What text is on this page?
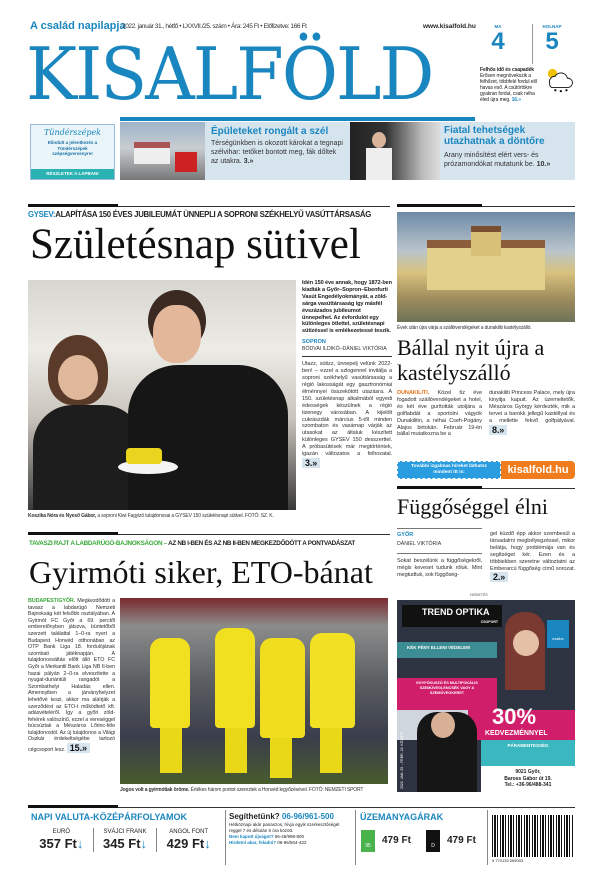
A család napilapja
2022. január 31., hétfő • LXXVII./25. szám • Ára: 245 Ft • Előfizetve: 166 Ft	www.kisalfold.hu
KISALFÖLD
MA
4
HOLNAP
5
Felhős idő és csapadék Erősen megnövekszik a felhőzet, többfelé fordul elő havas eső. A csütörtökre gyakran fordul, csak néha éled újra meg. 16.»
Tündérszépek
Elindult a jelentkezés a Tündérszépek szépségversenyre!
RÉSZLETEK A LAPBAN!
Épületeket rongált a szél
Térségünkben is okozott károkat a tegnapi szélvihar: tetőket bontott meg, fák dőltek az utakra. 3.»
Fiatal tehetségek utazhatnak a döntőre
Arany minősítést elért vers- és prózamondókat mutatunk be. 10.»
GYSEV:ALAPÍTÁSA 150 ÉVES JUBILEUMÁT ÜNNEPLI A SOPRONI SZÉKHELYŰ VASÚTTÁRSASÁG
Születésnap sütivel
Koszika Nóra és Nyeső Gábor, a soproni Kiwi Fagyizó tulajdonosai a GYSEV 150 születésnapi sütivel. FOTÓ: SZ. K.
Idén 150 éve annak, hogy 1872-ben kiadták a Győr–Sopron–Ebenfurti Vasút Engedélyokmányát, a zöld-sárga vasúttársaság így másfél évszázados jubileumot ünnepelhet. Az évfordulót egy különleges ötlettel, születésnapi sütizéssel is emlékezetessé teszik.
SOPRON
BÖDVAI ILDIKÓ–DÁNIEL VIKTÓRIA
Utazz, sütizz, ünnepelj velünk 2022-ben! – ezzel a szlogennel invitálja a soproni székhelyű vasúttársaság a régió lakosságát egy gasztronómiai élménnyel összekötött utazásra. A 150. születésnap alkalmából egyedi édességek készülnek a régió tizenegy városában. A kijelölt cukrászdák március 5-től minden szombaton és vasárnap várják az utasokat az általuk készített különleges GYSEV 150 desszerttel. A próbasütések már megtörténtek, igazán változatos a felhozatal. 3.»
Évek után újra várja a szállóvendégeket a dunakiliti kastélyszálló.
Bállal nyit újra a kastélyszálló
DUNAKILITI. Közel tíz éve fogadott szállóvendégeket a hotel, és két éve gurították utoljára a golflabdát a sportolni vágyók Dunakilitin, a néhai Cseh-Pogány Alajos birtokán. Február 19-én bállal mutatkozna be a
dunakiliti Princess Palace, mely újra kinyitja kapuit. Az üzemeltetők, Mészáros György kérdezték, mik a tervei a barokk jellegű kastéllyal és a mellette fekvő golfpályával. 8.»
További izgalmas híreket láthatsz mindent itt is:	kisalfold.hu
Függőséggel élni
GYŐR
DÁNIEL VIKTÓRIA
Sokat beszélünk a függőségekről, mégis keveset tudunk róluk. Mint megtudtuk, sok függőség-
gel küzdő épp akkor szembesül a társadalmi megbélyegzéssel, mikor belátja, hogy problémája van és segítséget kér. Ezen és a többiekben szeretne változtatni az Emberarcú függőség című sorozat. 2.»
TAVASZI RAJT A LABDARÚGÓ-BAJNOKSÁGON – AZ NB I-BEN ÉS AZ NB II-BEN MEGKEZDŐDÖTT A PONTVADÁSZAT
Gyirmóti siker, ETO-bánat
BUDAPEST/GYŐR. Megkezdődött a tavasz a labdarúgó Nemzeti Bajnokság két felsőbb osztályában. A Gyirmót FC Győr a 69. perctől emberelőnyben játszva, büntetőből szerzett találattal 1–0-ra nyert a Budapest Honvéd otthonában az OTP Bank Liga 18. fordulójának szombati játéknapján. A tulajdonosváltás előtt álló ETO FC Győr a Merkantil Bank Liga NB II-ben hazai pályán 2–0-ra elveszítette a nyugat-dunántúli rangadót a Szombathelyi Haladás ellen. Amennyiben a járványhelyzet lehetővé teszi, akkor ma aláírják a szerződést az ETO-t működtető kft. adásvételéről. Így a győri zöld-fehérek valószínű, ezzel a vereséggel búcsúztak a Mészáros Lőrinc-féle tulajdonostól. Az új tulajdonos a Világi Oszkár érdekeltségébe tartozó cégcsoport lesz. 15.»
Jogos volt a gyirmótiak öröme. Értékes három pontot szereztek a Honvéd legyőzésével. FOTÓ: NEMZETI SPORT
HIRDETÉS
TREND OPTIKA
CSOPORT
essilor
KÉK FÉNY ELLENI VÉDELEM
EGYFÓKUSZÚ ÉS MULTIFOKÁLIS SZEMÜVEGLENCSÉK VAGY A SZEMÜVEGKERET
30%
KEDVEZMÉNNYEL
PÁRAMENTESSÉG
2022. JAN. 25. - FEBR. 18. KÖZÖTT	9021 Győr,
Baross Gábor út 19.
Tel.: +36-96/488-341
NAPI VALUTA-KÖZÉPÁRFOLYAMOK
EURÓ
357 Ft↓
SVÁJCI FRANK
345 Ft↓
ANGOL FONT
429 Ft↓
Segíthetünk? 06-96/961-500
Hétköznapi akár panaszos, hívja egyik szerkesztőségét reggel 7 és délután 5 óra között.
Nem kapott újságot? 06-46/998-800
Hirdetni akar, feladni? 06-96/504-422
ÜZEMANYAGÁRAK
95	479 Ft	D	479 Ft
9 770133 065003
